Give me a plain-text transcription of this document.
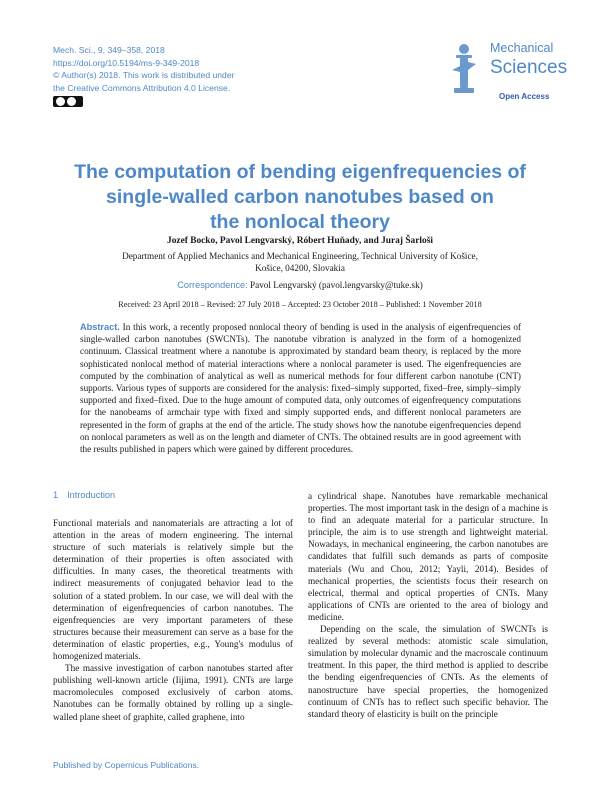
Mech. Sci., 9, 349–358, 2018
https://doi.org/10.5194/ms-9-349-2018
© Author(s) 2018. This work is distributed under
the Creative Commons Attribution 4.0 License.
Mechanical
Sciences
Open Access
The computation of bending eigenfrequencies of
single-walled carbon nanotubes based on
the nonlocal theory
Jozef Bocko, Pavol Lengvarský, Róbert Huňady, and Juraj Šarloši
Department of Applied Mechanics and Mechanical Engineering, Technical University of Košice,
Košice, 04200, Slovakia
Correspondence: Pavol Lengvarský (pavol.lengvarsky@tuke.sk)
Received: 23 April 2018 – Revised: 27 July 2018 – Accepted: 23 October 2018 – Published: 1 November 2018
Abstract. In this work, a recently proposed nonlocal theory of bending is used in the analysis of eigenfrequencies of single-walled carbon nanotubes (SWCNTs). The nanotube vibration is analyzed in the form of a homogenized continuum. Classical treatment where a nanotube is approximated by standard beam theory, is replaced by the more sophisticated nonlocal method of material interactions where a nonlocal parameter is used. The eigenfrequencies are computed by the combination of analytical as well as numerical methods for four different carbon nanotube (CNT) supports. Various types of supports are considered for the analysis: fixed–simply supported, fixed–free, simply–simply supported and fixed–fixed. Due to the huge amount of computed data, only outcomes of eigenfrequency computations for the nanobeams of armchair type with fixed and simply supported ends, and different nonlocal parameters are represented in the form of graphs at the end of the article. The study shows how the nanotube eigenfrequencies depend on nonlocal parameters as well as on the length and diameter of CNTs. The obtained results are in good agreement with the results published in papers which were gained by different procedures.
1 Introduction

Functional materials and nanomaterials are attracting a lot of attention in the areas of modern engineering. The internal structure of such materials is relatively simple but the determination of their properties is often associated with difficulties. In many cases, the theoretical treatments with indirect measurements of conjugated behavior lead to the solution of a stated problem. In our case, we will deal with the determination of eigenfrequencies of carbon nanotubes. The eigenfrequencies are very important parameters of these structures because their measurement can serve as a base for the determination of elastic properties, e.g., Young's modulus of homogenized materials.

The massive investigation of carbon nanotubes started after publishing well-known article (Iijima, 1991). CNTs are large macromolecules composed exclusively of carbon atoms. Nanotubes can be formally obtained by rolling up a single-walled plane sheet of graphite, called graphene, into

a cylindrical shape. Nanotubes have remarkable mechanical properties. The most important task in the design of a machine is to find an adequate material for a particular structure. In principle, the aim is to use strength and lightweight material. Nowadays, in mechanical engineering, the carbon nanotubes are candidates that fulfill such demands as parts of composite materials (Wu and Chou, 2012; Yayli, 2014). Besides of mechanical properties, the scientists focus their research on electrical, thermal and optical properties of CNTs. Many applications of CNTs are oriented to the area of biology and medicine.

Depending on the scale, the simulation of SWCNTs is realized by several methods: atomistic scale simulation, simulation by molecular dynamic and the macroscale continuum treatment. In this paper, the third method is applied to describe the bending eigenfrequencies of CNTs. As the elements of nanostructure have special properties, the homogenized continuum of CNTs has to reflect such specific behavior. The standard theory of elasticity is built on the principle

Published by Copernicus Publications.
